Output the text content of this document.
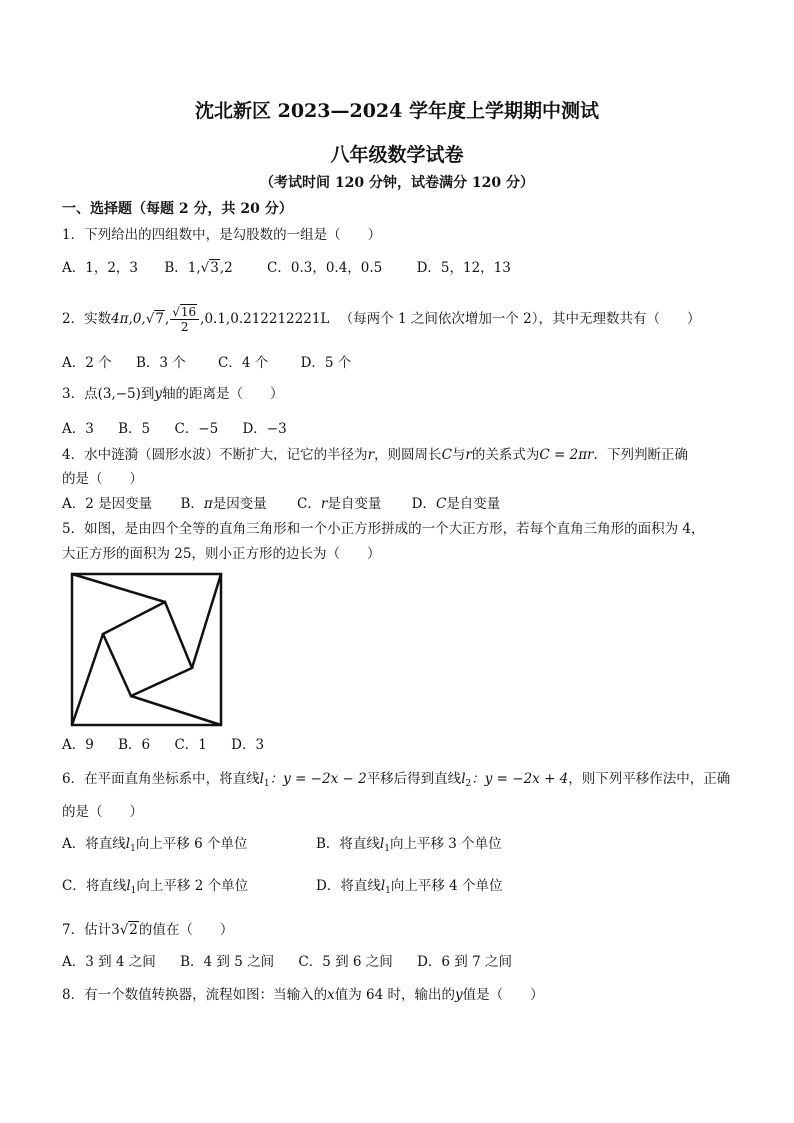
沈北新区 2023—2024 学年度上学期期中测试
八年级数学试卷
（考试时间 120 分钟，试卷满分 120 分）
一、选择题（每题 2 分，共 20 分）
1．下列给出的四组数中，是勾股数的一组是（　　）
A．1，2，3 B．1,√3,2	C．0.3，0.4，0.5	D．5，12，13
2．实数4π,0,√7, $\frac{√16}{2} ,0.1,0.212212221L$ （每两个 1 之间依次增加一个 2），其中无理数共有（　　）
A．2 个 B．3 个 C．4 个 D．5 个
3．点(3,−5)到y轴的距离是（　　）
A．3 B．5 C．−5 D．−3
4．水中涟漪（圆形水波）不断扩大，记它的半径为r，则圆周长C与r的关系式为C = 2πr．下列判断正确
的是（　　）
A．2 是因变量 B．π是因变量 C．r是自变量 D．C是自变量
5．如图，是由四个全等的直角三角形和一个小正方形拼成的一个大正方形，若每个直角三角形的面积为 4，
大正方形的面积为 25，则小正方形的边长为（　　）
A．9 B．6 C．1 D．3
6．在平面直角坐标系中，将直线$l_1$：y = −2x − 2平移后得到直线$l_2$：y = −2x + 4，则下列平移作法中，正确
的是（　　）
A．将直线$l_1$向上平移 6 个单位	B．将直线$l_1$向上平移 3 个单位
C．将直线$l_1$向上平移 2 个单位	D．将直线$l_1$向上平移 4 个单位
7．估计3√2的值在（　　）
A．3 到 4 之间 B．4 到 5 之间 C．5 到 6 之间 D．6 到 7 之间
8．有一个数值转换器，流程如图：当输入的x值为 64 时，输出的y值是（　　）
